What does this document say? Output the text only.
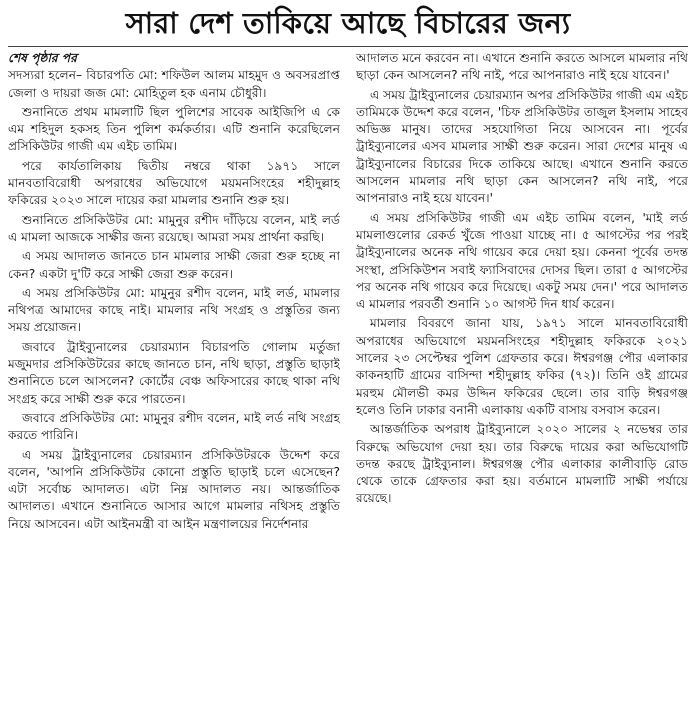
সারা দেশ তাকিয়ে আছে বিচারের জন্য
শেষ পৃষ্ঠার পর

সদস্যরা হলেন– বিচারপতি মো: শফিউল আলম মাহমুদ ও অবসরপ্রাপ্ত জেলা ও দায়রা জজ মো: মোহিতুল হক এনাম চৌধুরী।

শুনানিতে প্রথম মামলাটি ছিল পুলিশের সাবেক আইজিপি এ কে এম শহিদুল হকসহ তিন পুলিশ কর্মকর্তার। এটি শুনানি করেছিলেন প্রসিকিউটর গাজী এম এইচ তামিম।

পরে কার্যতালিকায় দ্বিতীয় নম্বরে থাকা ১৯৭১ সালে মানবতাবিরোধী অপরাধের অভিযোগে ময়মনসিংহের শহীদুল্লাহ ফকিরের ২০২৩ সালে দায়ের করা মামলার শুনানি শুরু হয়।

শুনানিতে প্রসিকিউটর মো: মামুনুর রশীদ দাঁড়িয়ে বলেন, মাই লর্ড এ মামলা আজকে সাক্ষীর জন্য রয়েছে। আমরা সময় প্রার্থনা করছি।

এ সময় আদালত জানতে চান মামলার সাক্ষী জেরা শুরু হচ্ছে না কেন? একটা দু'টি করে সাক্ষী জেরা শুরু করেন।

এ সময় প্রসিকিউটর মো: মামুনুর রশীদ বলেন, মাই লর্ড, মামলার নথিপত্র আমাদের কাছে নাই। মামলার নথি সংগ্রহ ও প্রস্তুতির জন্য সময় প্রয়োজন।

জবাবে ট্রাইব্যুনালের চেয়ারম্যান বিচারপতি গোলাম মর্তুজা মজুমদার প্রসিকিউটরের কাছে জানতে চান, নথি ছাড়া, প্রস্তুতি ছাড়াই শুনানিতে চলে আসলেন? কোর্টের বেঞ্চ অফিসারের কাছে থাকা নথি সংগ্রহ করে সাক্ষী শুরু করে পারতেন।

জবাবে প্রসিকিউটর মো: মামুনুর রশীদ বলেন, মাই লর্ড নথি সংগ্রহ করতে পারিনি।

এ সময় ট্রাইব্যুনালের চেয়ারম্যান প্রসিকিউটরকে উদ্দেশ করে বলেন, 'আপনি প্রসিকিউটর কোনো প্রস্তুতি ছাড়াই চলে এসেছেন? এটা সর্বোচ্চ আদালত। এটা নিম্ন আদালত নয়। আন্তর্জাতিক আদালত। এখানে শুনানিতে আসার আগে মামলার নথিসহ প্রস্তুতি নিয়ে আসবেন। এটা আইনমন্ত্রী বা আইন মন্ত্রণালয়ের নির্দেশনার

আদালত মনে করবেন না। এখানে শুনানি করতে আসলে মামলার নথি ছাড়া কেন আসলেন? নথি নাই, পরে আপনারাও নাই হয়ে যাবেন।'

এ সময় ট্রাইব্যুনালের চেয়ারম্যান অপর প্রসিকিউটর গাজী এম এইচ তামিমকে উদ্দেশ করে বলেন, 'চিফ প্রসিকিউটর তাজুল ইসলাম সাহেব অভিজ্ঞ মানুষ। তাদের সহযোগিতা নিয়ে আসবেন না। পূর্বের ট্রাইব্যুনালের এসব মামলার সাক্ষী শুরু করেন। সারা দেশের মানুষ এ ট্রাইব্যুনালের বিচারের দিকে তাকিয়ে আছে। এখানে শুনানি করতে আসলেন মামলার নথি ছাড়া কেন আসলেন? নথি নাই, পরে আপনারাও নাই হয়ে যাবেন।'

এ সময় প্রসিকিউটর গাজী এম এইচ তামিম বলেন, 'মাই লর্ড মামলাগুলোর রেকর্ড খুঁজে পাওয়া যাচ্ছে না। ৫ আগস্টের পর পরই ট্রাইব্যুনালের অনেক নথি গায়েব করে দেয়া হয়। কেননা পূর্বের তদন্ত সংস্থা, প্রসিকিউশন সবাই ফ্যাসিবাদের দোসর ছিল। তারা ৫ আগস্টের পর অনেক নথি গায়েব করে দিয়েছে। একটু সময় দেন।' পরে আদালত এ মামলার পরবর্তী শুনানি ১০ আগস্ট দিন ধার্য করেন।

মামলার বিবরণে জানা যায়, ১৯৭১ সালে মানবতাবিরোধী অপরাধের অভিযোগে ময়মনসিংহের শহীদুল্লাহ ফকিরকে ২০২১ সালের ২৩ সেপ্টেম্বর পুলিশ গ্রেফতার করে। ঈশ্বরগঞ্জ পৌর এলাকার কাকনহাটি গ্রামের বাসিন্দা শহীদুল্লাহ ফকির (৭২)। তিনি ওই গ্রামের মরহুম মৌলভী কমর উদ্দিন ফকিরের ছেলে। তার বাড়ি ঈশ্বরগঞ্জ হলেও তিনি ঢাকার বনানী এলাকায় একটি বাসায় বসবাস করেন।

আন্তর্জাতিক অপরাধ ট্রাইব্যুনালে ২০২০ সালের ২ নভেম্বর তার বিরুদ্ধে অভিযোগ দেয়া হয়। তার বিরুদ্ধে দায়ের করা অভিযোগটি তদন্ত করছে ট্রাইব্যুনাল। ঈশ্বরগঞ্জ পৌর এলাকার কালীবাড়ি রোড থেকে তাকে গ্রেফতার করা হয়। বর্তমানে মামলাটি সাক্ষী পর্যায়ে রয়েছে।
